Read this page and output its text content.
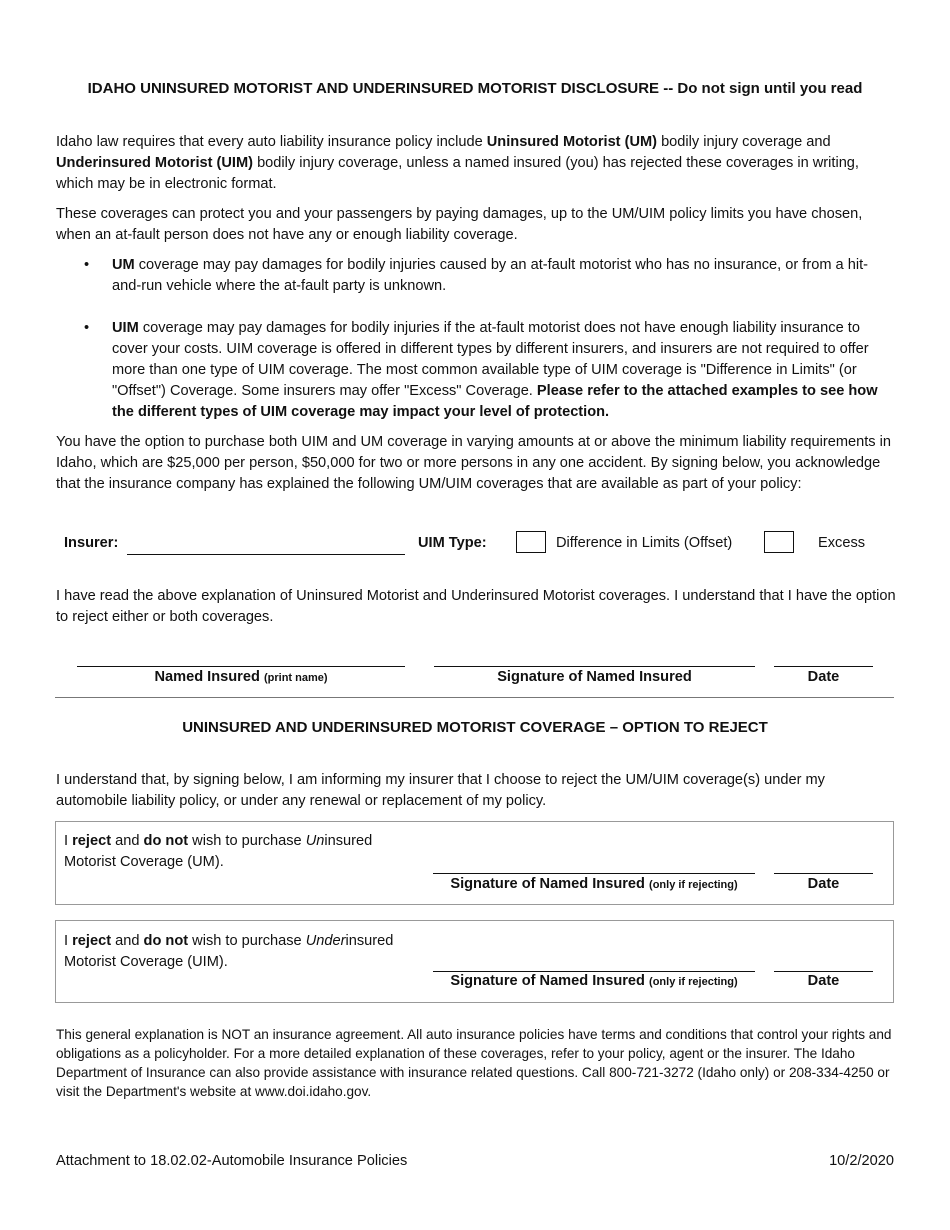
IDAHO UNINSURED MOTORIST AND UNDERINSURED MOTORIST DISCLOSURE -- Do not sign until you read
Idaho law requires that every auto liability insurance policy include Uninsured Motorist (UM) bodily injury coverage and Underinsured Motorist (UIM) bodily injury coverage, unless a named insured (you) has rejected these coverages in writing, which may be in electronic format.
These coverages can protect you and your passengers by paying damages, up to the UM/UIM policy limits you have chosen, when an at-fault person does not have any or enough liability coverage.
• UM coverage may pay damages for bodily injuries caused by an at-fault motorist who has no insurance, or from a hit-and-run vehicle where the at-fault party is unknown.
• UIM coverage may pay damages for bodily injuries if the at-fault motorist does not have enough liability insurance to cover your costs. UIM coverage is offered in different types by different insurers, and insurers are not required to offer more than one type of UIM coverage. The most common available type of UIM coverage is "Difference in Limits" (or "Offset") Coverage. Some insurers may offer "Excess" Coverage. Please refer to the attached examples to see how the different types of UIM coverage may impact your level of protection.
You have the option to purchase both UIM and UM coverage in varying amounts at or above the minimum liability requirements in Idaho, which are $25,000 per person, $50,000 for two or more persons in any one accident. By signing below, you acknowledge that the insurance company has explained the following UM/UIM coverages that are available as part of your policy:
Insurer:	UIM Type:	Difference in Limits (Offset)	Excess
I have read the above explanation of Uninsured Motorist and Underinsured Motorist coverages. I understand that I have the option to reject either or both coverages.
Named Insured (print name)	Signature of Named Insured	Date
UNINSURED AND UNDERINSURED MOTORIST COVERAGE – OPTION TO REJECT
I understand that, by signing below, I am informing my insurer that I choose to reject the UM/UIM coverage(s) under my automobile liability policy, or under any renewal or replacement of my policy.
I reject and do not wish to purchase Uninsured Motorist Coverage (UM).
Signature of Named Insured (only if rejecting)	Date
I reject and do not wish to purchase Underinsured Motorist Coverage (UIM).
Signature of Named Insured (only if rejecting)	Date
This general explanation is NOT an insurance agreement. All auto insurance policies have terms and conditions that control your rights and obligations as a policyholder. For a more detailed explanation of these coverages, refer to your policy, agent or the insurer. The Idaho Department of Insurance can also provide assistance with insurance related questions. Call 800-721-3272 (Idaho only) or 208-334-4250 or visit the Department's website at www.doi.idaho.gov.
Attachment to 18.02.02-Automobile Insurance Policies	10/2/2020
